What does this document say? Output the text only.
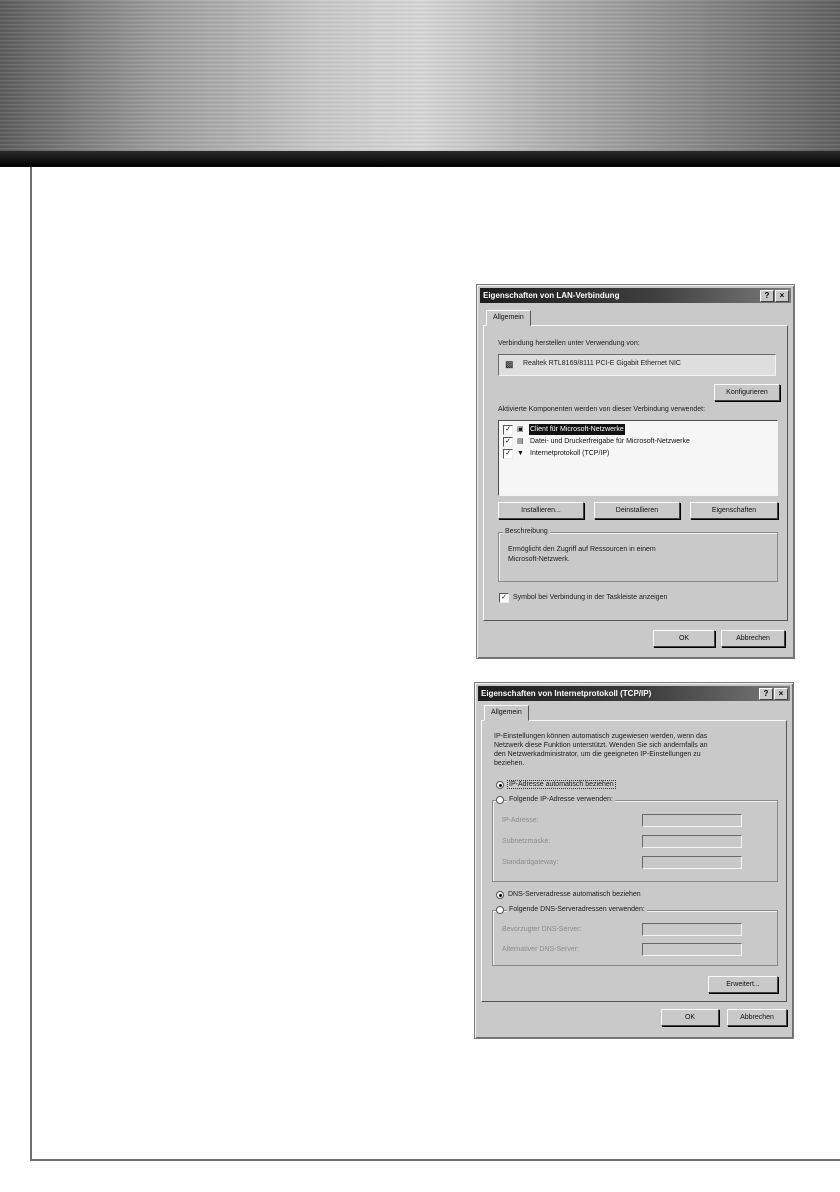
Eigenschaften von LAN-Verbindung	?	×
Allgemein
Verbindung herstellen unter Verwendung von:
▩	Realtek RTL8169/8111 PCI-E Gigabit Ethernet NIC
Konfigurieren
Aktivierte Komponenten werden von dieser Verbindung verwendet:
✓ ▣ Client für Microsoft-Netzwerke
✓ ▤ Datei- und Druckerfreigabe für Microsoft-Netzwerke
✓ ▼ Internetprotokoll (TCP/IP)
Installieren...	Deinstallieren	Eigenschaften
Beschreibung
Ermöglicht den Zugriff auf Ressourcen in einem
Microsoft-Netzwerk.
✓ Symbol bei Verbindung in der Taskleiste anzeigen
OK	Abbrechen
Eigenschaften von Internetprotokoll (TCP/IP)	?	×
Allgemein
IP-Einstellungen können automatisch zugewiesen werden, wenn das
Netzwerk diese Funktion unterstützt. Wenden Sie sich andernfalls an
den Netzwerkadministrator, um die geeigneten IP-Einstellungen zu
beziehen.
IP-Adresse automatisch beziehen
Folgende IP-Adresse verwenden:
IP-Adresse:
Subnetzmaske:
Standardgateway:
DNS-Serveradresse automatisch beziehen
Folgende DNS-Serveradressen verwenden:
Bevorzugter DNS-Server:
Alternativer DNS-Server:
Erweitert...
OK	Abbrechen
